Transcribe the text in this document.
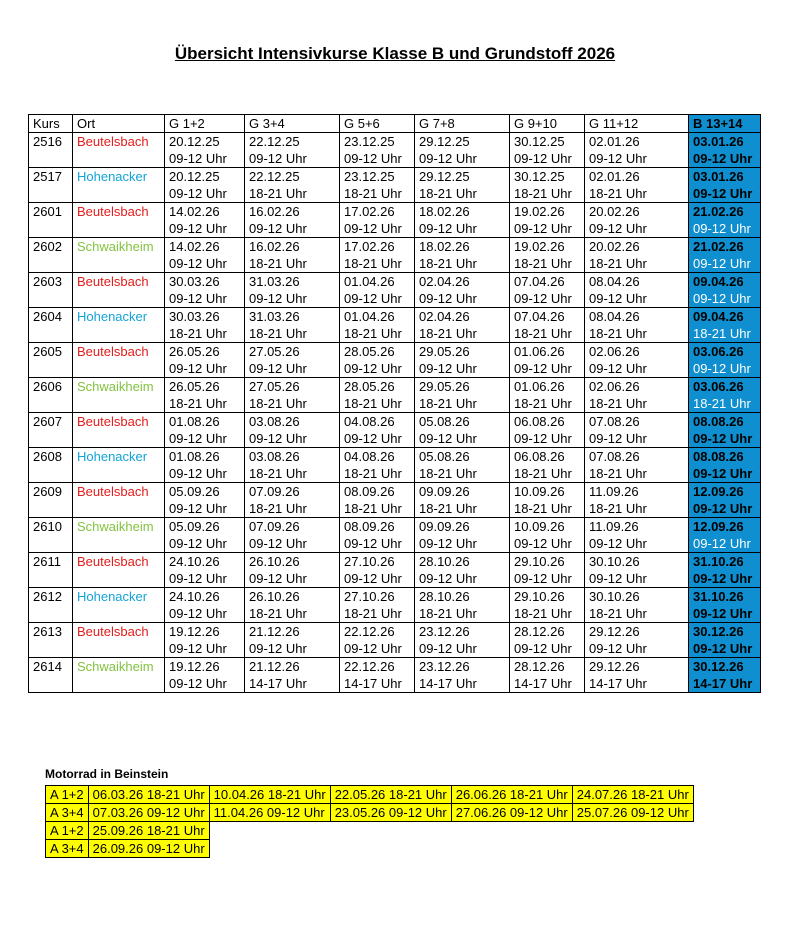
Übersicht Intensivkurse Klasse B und Grundstoff 2026
Kurs	Ort	G 1+2	G 3+4	G 5+6	G 7+8	G 9+10	G 11+12	B 13+14
2516	Beutelsbach	20.12.25	22.12.25	23.12.25	29.12.25	30.12.25	02.01.26	03.01.26
		09-12 Uhr	09-12 Uhr	09-12 Uhr	09-12 Uhr	09-12 Uhr	09-12 Uhr	09-12 Uhr
2517	Hohenacker	20.12.25	22.12.25	23.12.25	29.12.25	30.12.25	02.01.26	03.01.26
		09-12 Uhr	18-21 Uhr	18-21 Uhr	18-21 Uhr	18-21 Uhr	18-21 Uhr	09-12 Uhr
2601	Beutelsbach	14.02.26	16.02.26	17.02.26	18.02.26	19.02.26	20.02.26	21.02.26
		09-12 Uhr	09-12 Uhr	09-12 Uhr	09-12 Uhr	09-12 Uhr	09-12 Uhr	09-12 Uhr
2602	Schwaikheim	14.02.26	16.02.26	17.02.26	18.02.26	19.02.26	20.02.26	21.02.26
		09-12 Uhr	18-21 Uhr	18-21 Uhr	18-21 Uhr	18-21 Uhr	18-21 Uhr	09-12 Uhr
2603	Beutelsbach	30.03.26	31.03.26	01.04.26	02.04.26	07.04.26	08.04.26	09.04.26
		09-12 Uhr	09-12 Uhr	09-12 Uhr	09-12 Uhr	09-12 Uhr	09-12 Uhr	09-12 Uhr
2604	Hohenacker	30.03.26	31.03.26	01.04.26	02.04.26	07.04.26	08.04.26	09.04.26
		18-21 Uhr	18-21 Uhr	18-21 Uhr	18-21 Uhr	18-21 Uhr	18-21 Uhr	18-21 Uhr
2605	Beutelsbach	26.05.26	27.05.26	28.05.26	29.05.26	01.06.26	02.06.26	03.06.26
		09-12 Uhr	09-12 Uhr	09-12 Uhr	09-12 Uhr	09-12 Uhr	09-12 Uhr	09-12 Uhr
2606	Schwaikheim	26.05.26	27.05.26	28.05.26	29.05.26	01.06.26	02.06.26	03.06.26
		18-21 Uhr	18-21 Uhr	18-21 Uhr	18-21 Uhr	18-21 Uhr	18-21 Uhr	18-21 Uhr
2607	Beutelsbach	01.08.26	03.08.26	04.08.26	05.08.26	06.08.26	07.08.26	08.08.26
		09-12 Uhr	09-12 Uhr	09-12 Uhr	09-12 Uhr	09-12 Uhr	09-12 Uhr	09-12 Uhr
2608	Hohenacker	01.08.26	03.08.26	04.08.26	05.08.26	06.08.26	07.08.26	08.08.26
		09-12 Uhr	18-21 Uhr	18-21 Uhr	18-21 Uhr	18-21 Uhr	18-21 Uhr	09-12 Uhr
2609	Beutelsbach	05.09.26	07.09.26	08.09.26	09.09.26	10.09.26	11.09.26	12.09.26
		09-12 Uhr	18-21 Uhr	18-21 Uhr	18-21 Uhr	18-21 Uhr	18-21 Uhr	09-12 Uhr
2610	Schwaikheim	05.09.26	07.09.26	08.09.26	09.09.26	10.09.26	11.09.26	12.09.26
		09-12 Uhr	09-12 Uhr	09-12 Uhr	09-12 Uhr	09-12 Uhr	09-12 Uhr	09-12 Uhr
2611	Beutelsbach	24.10.26	26.10.26	27.10.26	28.10.26	29.10.26	30.10.26	31.10.26
		09-12 Uhr	09-12 Uhr	09-12 Uhr	09-12 Uhr	09-12 Uhr	09-12 Uhr	09-12 Uhr
2612	Hohenacker	24.10.26	26.10.26	27.10.26	28.10.26	29.10.26	30.10.26	31.10.26
		09-12 Uhr	18-21 Uhr	18-21 Uhr	18-21 Uhr	18-21 Uhr	18-21 Uhr	09-12 Uhr
2613	Beutelsbach	19.12.26	21.12.26	22.12.26	23.12.26	28.12.26	29.12.26	30.12.26
		09-12 Uhr	09-12 Uhr	09-12 Uhr	09-12 Uhr	09-12 Uhr	09-12 Uhr	09-12 Uhr
2614	Schwaikheim	19.12.26	21.12.26	22.12.26	23.12.26	28.12.26	29.12.26	30.12.26
		09-12 Uhr	14-17 Uhr	14-17 Uhr	14-17 Uhr	14-17 Uhr	14-17 Uhr	14-17 Uhr
Motorrad in Beinstein
A 1+2	06.03.26 18-21 Uhr	10.04.26 18-21 Uhr	22.05.26 18-21 Uhr	26.06.26 18-21 Uhr	24.07.26 18-21 Uhr
A 3+4	07.03.26 09-12 Uhr	11.04.26 09-12 Uhr	23.05.26 09-12 Uhr	27.06.26 09-12 Uhr	25.07.26 09-12 Uhr
A 1+2	25.09.26 18-21 Uhr				
A 3+4	26.09.26 09-12 Uhr				
